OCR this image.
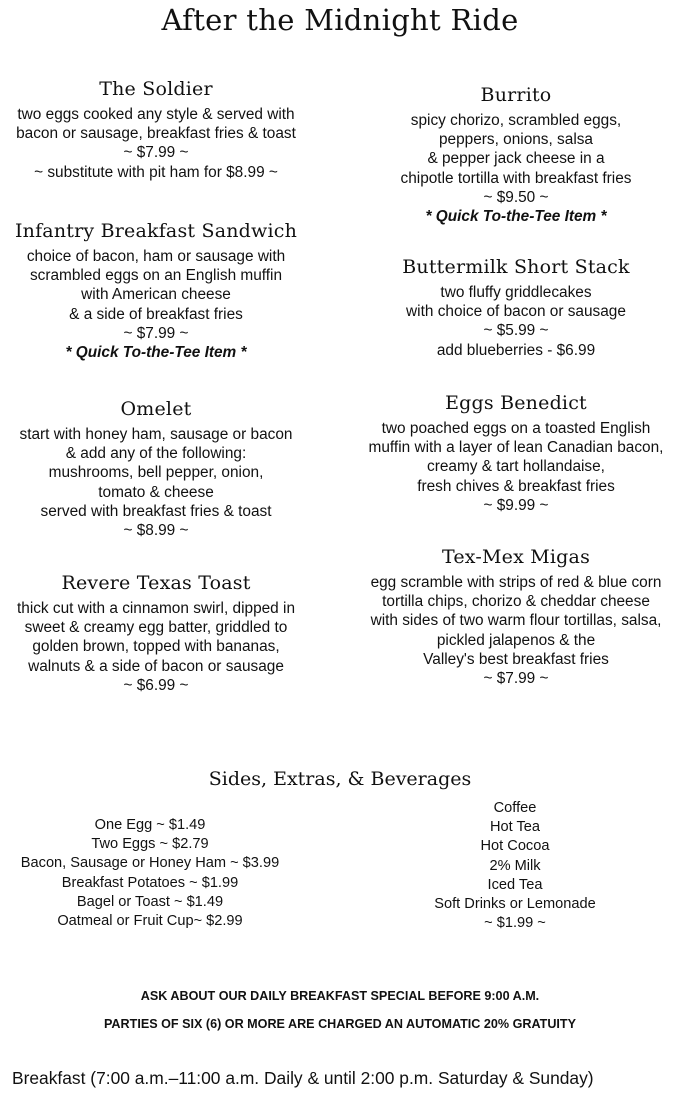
After the Midnight Ride
The Soldier
two eggs cooked any style & served with
bacon or sausage, breakfast fries & toast
~ $7.99 ~
~ substitute with pit ham for $8.99 ~
Infantry Breakfast Sandwich
choice of bacon, ham or sausage with
scrambled eggs on an English muffin
with American cheese
& a side of breakfast fries
~ $7.99 ~
* Quick To-the-Tee Item *
Omelet
start with honey ham, sausage or bacon
& add any of the following:
mushrooms, bell pepper, onion,
tomato & cheese
served with breakfast fries & toast
~ $8.99 ~
Revere Texas Toast
thick cut with a cinnamon swirl, dipped in
sweet & creamy egg batter, griddled to
golden brown, topped with bananas,
walnuts & a side of bacon or sausage
~ $6.99 ~
Burrito
spicy chorizo, scrambled eggs,
peppers, onions, salsa
& pepper jack cheese in a
chipotle tortilla with breakfast fries
~ $9.50 ~
* Quick To-the-Tee Item *
Buttermilk Short Stack
two fluffy griddlecakes
with choice of bacon or sausage
~ $5.99 ~
add blueberries - $6.99
Eggs Benedict
two poached eggs on a toasted English
muffin with a layer of lean Canadian bacon,
creamy & tart hollandaise,
fresh chives & breakfast fries
~ $9.99 ~
Tex-Mex Migas
egg scramble with strips of red & blue corn
tortilla chips, chorizo & cheddar cheese
with sides of two warm flour tortillas, salsa,
pickled jalapenos & the
Valley's best breakfast fries
~ $7.99 ~
Sides, Extras, & Beverages
One Egg ~ $1.49
Two Eggs ~ $2.79
Bacon, Sausage or Honey Ham ~ $3.99
Breakfast Potatoes ~ $1.99
Bagel or Toast ~ $1.49
Oatmeal or Fruit Cup~ $2.99
Coffee
Hot Tea
Hot Cocoa
2% Milk
Iced Tea
Soft Drinks or Lemonade
~ $1.99 ~
ASK ABOUT OUR DAILY BREAKFAST SPECIAL BEFORE 9:00 A.M.
PARTIES OF SIX (6) OR MORE ARE CHARGED AN AUTOMATIC 20% GRATUITY
Breakfast (7:00 a.m.–11:00 a.m. Daily & until 2:00 p.m. Saturday & Sunday)
